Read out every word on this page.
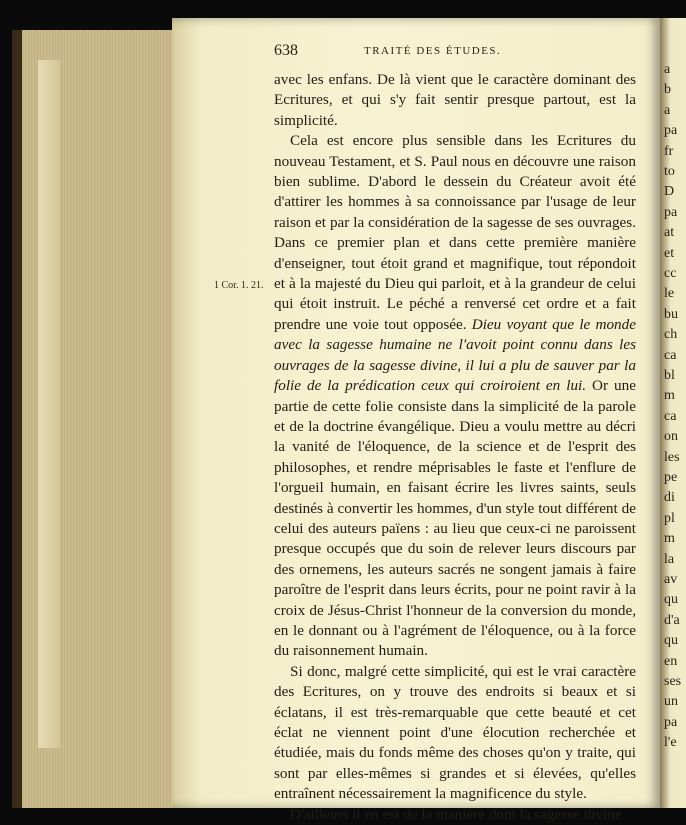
a
b
a
pa
fr
to
D
pa
at
et
cc
le
bu
ch
ca
bl
m
ca
on
les
pe
di
pl
m
la
av
qu
d'a
qu
en
ses
un
pa
l'e
638	TRAITÉ DES ÉTUDES.
1 Cor. 1. 21.

avec les enfans. De là vient que le caractère dominant des Ecritures, et qui s'y fait sentir presque partout, est la simplicité.

Cela est encore plus sensible dans les Ecritures du nouveau Testament, et S. Paul nous en découvre une raison bien sublime. D'abord le dessein du Créateur avoit été d'attirer les hommes à sa connoissance par l'usage de leur raison et par la considération de la sagesse de ses ouvrages. Dans ce premier plan et dans cette première manière d'enseigner, tout étoit grand et magnifique, tout répondoit et à la majesté du Dieu qui parloit, et à la grandeur de celui qui étoit instruit. Le péché a renversé cet ordre et a fait prendre une voie tout opposée. Dieu voyant que le monde avec la sagesse humaine ne l'avoit point connu dans les ouvrages de la sagesse divine, il lui a plu de sauver par la folie de la prédication ceux qui croiroient en lui. Or une partie de cette folie consiste dans la simplicité de la parole et de la doctrine évangélique. Dieu a voulu mettre au décri la vanité de l'éloquence, de la science et de l'esprit des philosophes, et rendre méprisables le faste et l'enflure de l'orgueil humain, en faisant écrire les livres saints, seuls destinés à convertir les hommes, d'un style tout différent de celui des auteurs païens : au lieu que ceux-ci ne paroissent presque occupés que du soin de relever leurs discours par des ornemens, les auteurs sacrés ne songent jamais à faire paroître de l'esprit dans leurs écrits, pour ne point ravir à la croix de Jésus-Christ l'honneur de la conversion du monde, en le donnant ou à l'agrément de l'éloquence, ou à la force du raisonnement humain.

Si donc, malgré cette simplicité, qui est le vrai caractère des Ecritures, on y trouve des endroits si beaux et si éclatans, il est très-remarquable que cette beauté et cet éclat ne viennent point d'une élocution recherchée et étudiée, mais du fonds même des choses qu'on y traite, qui sont par elles-mêmes si grandes et si élevées, qu'elles entraînent nécessairement la magnificence du style.

D'ailleurs il en est de la manière dont la sagesse divine
